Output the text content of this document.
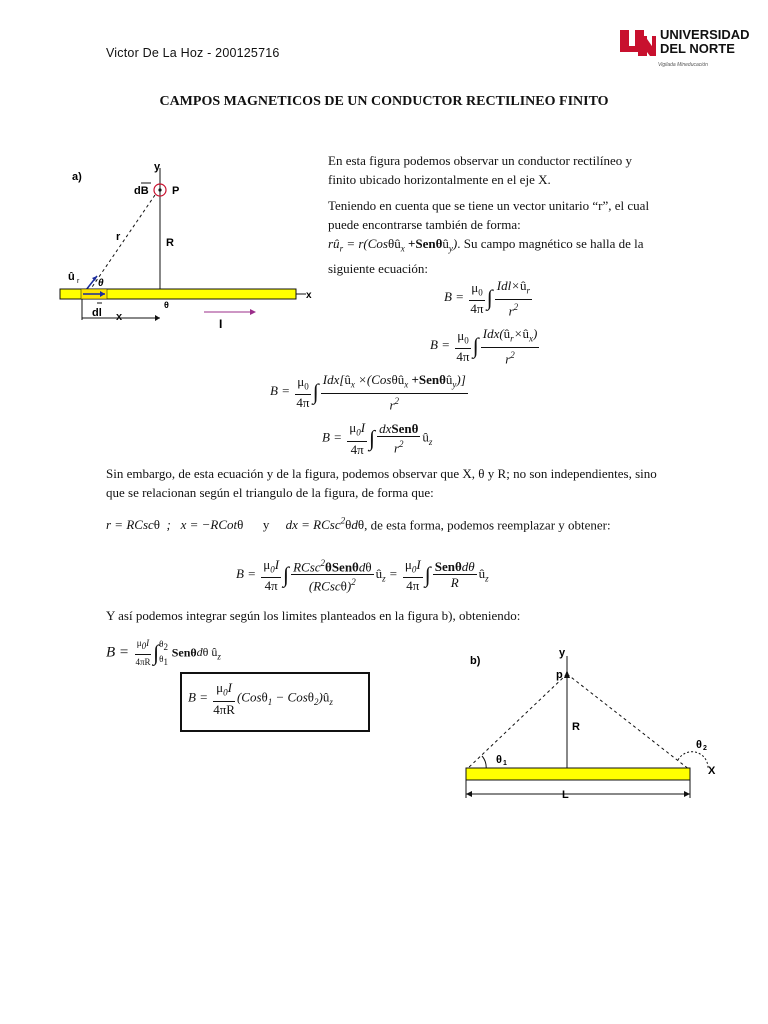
Victor De La Hoz - 200125716
UNIVERSIDAD
DEL NORTE
Vigilada Mineducación
CAMPOS MAGNETICOS DE UN CONDUCTOR RECTILINEO FINITO
a)
y
dB P
r	R
û r θ
x
dl x
θ
I
En esta figura podemos observar un conductor rectilíneo y finito ubicado horizontalmente en el eje X.
Teniendo en cuenta que se tiene un vector unitario “r”, el cual puede encontrarse también de forma:
$rû_r$ = r(Cosθû$_x$ +Senθû$_y$). Su campo magnético se halla de la siguiente ecuación:
$B = \frac{\mu_0}{4\pi}$ ∫ $\frac{Idl\times û_r}{r^2}$
$B = \frac{\mu_0}{4\pi}$ ∫ $\frac{Idx(û_r\times û_x)}{r^2}$
$B = \frac{\mu_0}{4\pi}$ ∫ $\frac{Idx[û_x \times(Cos\theta û_x +Sen\theta û_y)]}{r^2}$
$B = \frac{\mu_0I}{4\pi}$ ∫ $\frac{\text{dxSenθ}}{r^2}$ $û_z$
Sin embargo, de esta ecuación y de la figura, podemos observar que X, θ y R; no son independientes, sino que se relacionan según el triangulo de la figura, de forma que:
r = RCscθ  ;   x = −RCotθ y     dx = RCsc$^2$θdθ, de esta forma, podemos reemplazar y obtener:
$B = \frac{\mu_0I}{4\pi}$ ∫ $\frac{RCsc^2\theta Sen\theta d\theta}{(RCsc\theta)^2}$ $û_z = \frac{\mu_0I}{4\pi}$ ∫ $\frac{\text{Senθdθ}}{R}$ $û_z$
Y así podemos integrar según los limites planteados en la figura b), obteniendo:
$B = \frac{\mu_0I}{4\pi R}$ ∫ $\theta_2$
$\theta_1$
Senθdθ $û_z$
$B = \frac{\mu_0I}{4\pi R} (Cos\theta_1$ − $Cos\theta_2)û_z$
b)
y
p
R
θ 1
θ 2
X
L
